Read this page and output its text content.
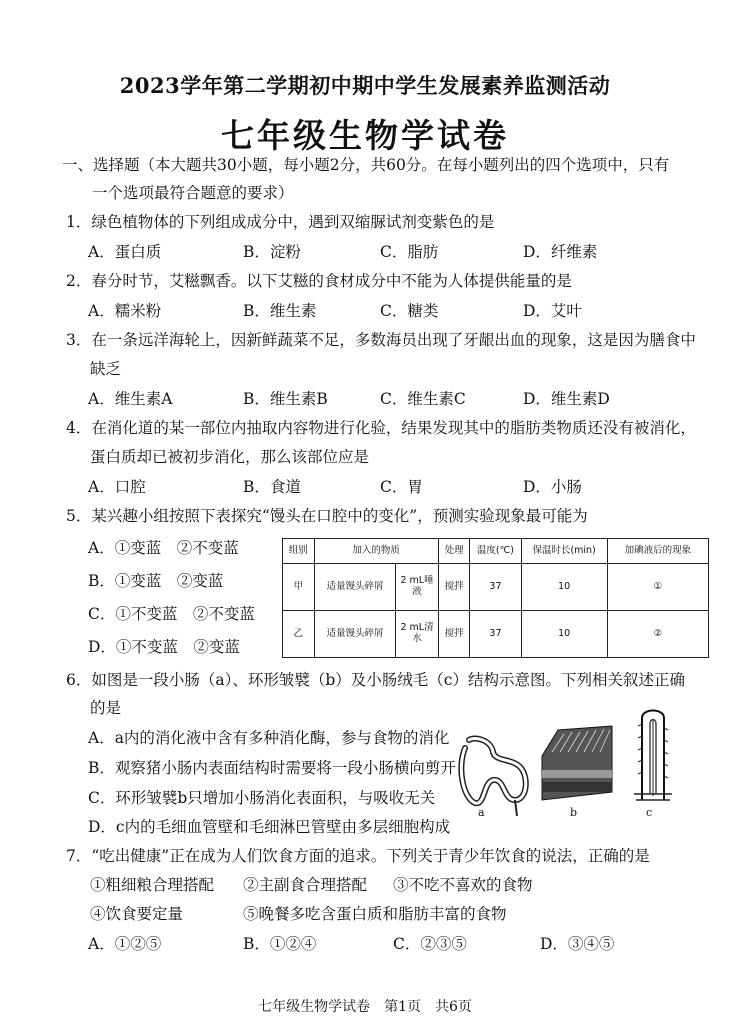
2023学年第二学期初中期中学生发展素养监测活动
七年级生物学试卷
一、选择题（本大题共30小题，每小题2分，共60分。在每小题列出的四个选项中，只有
一个选项最符合题意的要求）
1．绿色植物体的下列组成成分中，遇到双缩脲试剂变紫色的是
A．蛋白质	B．淀粉	C．脂肪	D．纤维素
2．春分时节，艾糍飘香。以下艾糍的食材成分中不能为人体提供能量的是
A．糯米粉	B．维生素	C．糖类	D．艾叶
3．在一条远洋海轮上，因新鲜蔬菜不足，多数海员出现了牙龈出血的现象，这是因为膳食中
缺乏
A．维生素A	B．维生素B	C．维生素C	D．维生素D
4．在消化道的某一部位内抽取内容物进行化验，结果发现其中的脂肪类物质还没有被消化，
蛋白质却已被初步消化，那么该部位应是
A．口腔	B．食道	C．胃	D．小肠
5．某兴趣小组按照下表探究“馒头在口腔中的变化”，预测实验现象最可能为
A．①变蓝　②不变蓝
B．①变蓝　②变蓝
C．①不变蓝　②不变蓝
D．①不变蓝　②变蓝
组别	加入的物质		处理	温度(℃)	保温时长(min)	加碘液后的现象
甲	适量馒头碎屑	2 mL唾液	搅拌	37	10	①
乙	适量馒头碎屑	2 mL清水	搅拌	37	10	②
6．如图是一段小肠（a）、环形皱襞（b）及小肠绒毛（c）结构示意图。下列相关叙述正确
的是
A．a内的消化液中含有多种消化酶，参与食物的消化
B．观察猪小肠内表面结构时需要将一段小肠横向剪开
C．环形皱襞b只增加小肠消化表面积，与吸收无关
D．c内的毛细血管壁和毛细淋巴管壁由多层细胞构成
a	b	c
7．“吃出健康”正在成为人们饮食方面的追求。下列关于青少年饮食的说法，正确的是
①粗细粮合理搭配 ②主副食合理搭配 ③不吃不喜欢的食物
④饮食要定量	⑤晚餐多吃含蛋白质和脂肪丰富的食物
A．①②⑤	B．①②④	C．②③⑤	D．③④⑤
七年级生物学试卷　第1页　共6页
